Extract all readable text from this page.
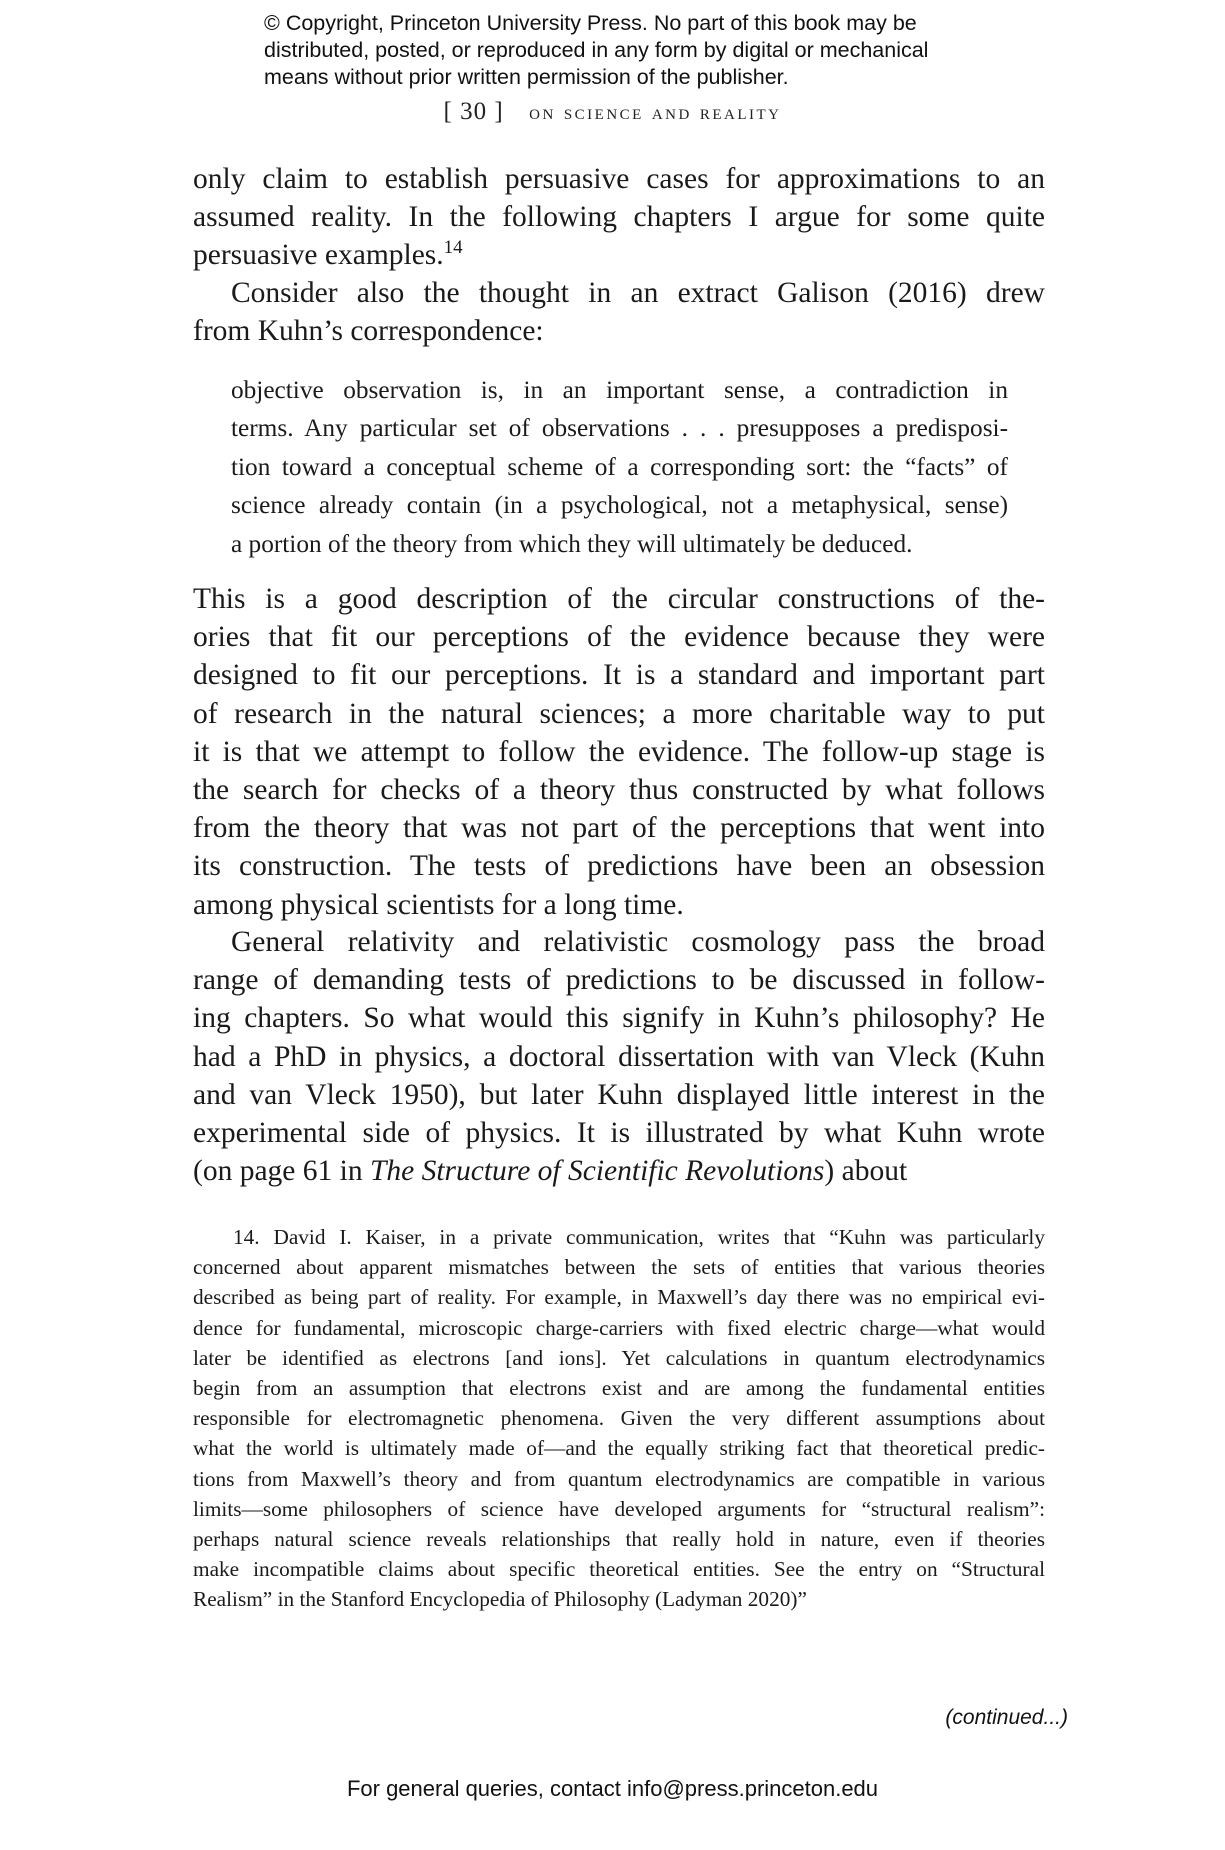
© Copyright, Princeton University Press. No part of this book may be
distributed, posted, or reproduced in any form by digital or mechanical
means without prior written permission of the publisher.
[ 30 ] on science and reality

only claim to establish persuasive cases for approximations to an
assumed reality. In the following chapters I argue for some quite
persuasive examples.$^{14}$

Consider also the thought in an extract Galison (2016) drew
from Kuhn’s correspondence:

objective observation is, in an important sense, a contradiction in
terms. Any particular set of observations . . . presupposes a predisposi-
tion toward a conceptual scheme of a corresponding sort: the “facts” of
science already contain (in a psychological, not a metaphysical, sense)
a portion of the theory from which they will ultimately be deduced.

This is a good description of the circular constructions of the-
ories that fit our perceptions of the evidence because they were
designed to fit our perceptions. It is a standard and important part
of research in the natural sciences; a more charitable way to put
it is that we attempt to follow the evidence. The follow-up stage is
the search for checks of a theory thus constructed by what follows
from the theory that was not part of the perceptions that went into
its construction. The tests of predictions have been an obsession
among physical scientists for a long time.

General relativity and relativistic cosmology pass the broad
range of demanding tests of predictions to be discussed in follow-
ing chapters. So what would this signify in Kuhn’s philosophy? He
had a PhD in physics, a doctoral dissertation with van Vleck (Kuhn
and van Vleck 1950), but later Kuhn displayed little interest in the
experimental side of physics. It is illustrated by what Kuhn wrote
(on page 61 in The Structure of Scientific Revolutions) about

14. David I. Kaiser, in a private communication, writes that “Kuhn was particularly
concerned about apparent mismatches between the sets of entities that various theories
described as being part of reality. For example, in Maxwell’s day there was no empirical evi-
dence for fundamental, microscopic charge-carriers with fixed electric charge—what would
later be identified as electrons [and ions]. Yet calculations in quantum electrodynamics
begin from an assumption that electrons exist and are among the fundamental entities
responsible for electromagnetic phenomena. Given the very different assumptions about
what the world is ultimately made of—and the equally striking fact that theoretical predic-
tions from Maxwell’s theory and from quantum electrodynamics are compatible in various
limits—some philosophers of science have developed arguments for “structural realism”:
perhaps natural science reveals relationships that really hold in nature, even if theories
make incompatible claims about specific theoretical entities. See the entry on “Structural
Realism” in the Stanford Encyclopedia of Philosophy (Ladyman 2020)”
(continued...)
For general queries, contact info@press.princeton.edu
